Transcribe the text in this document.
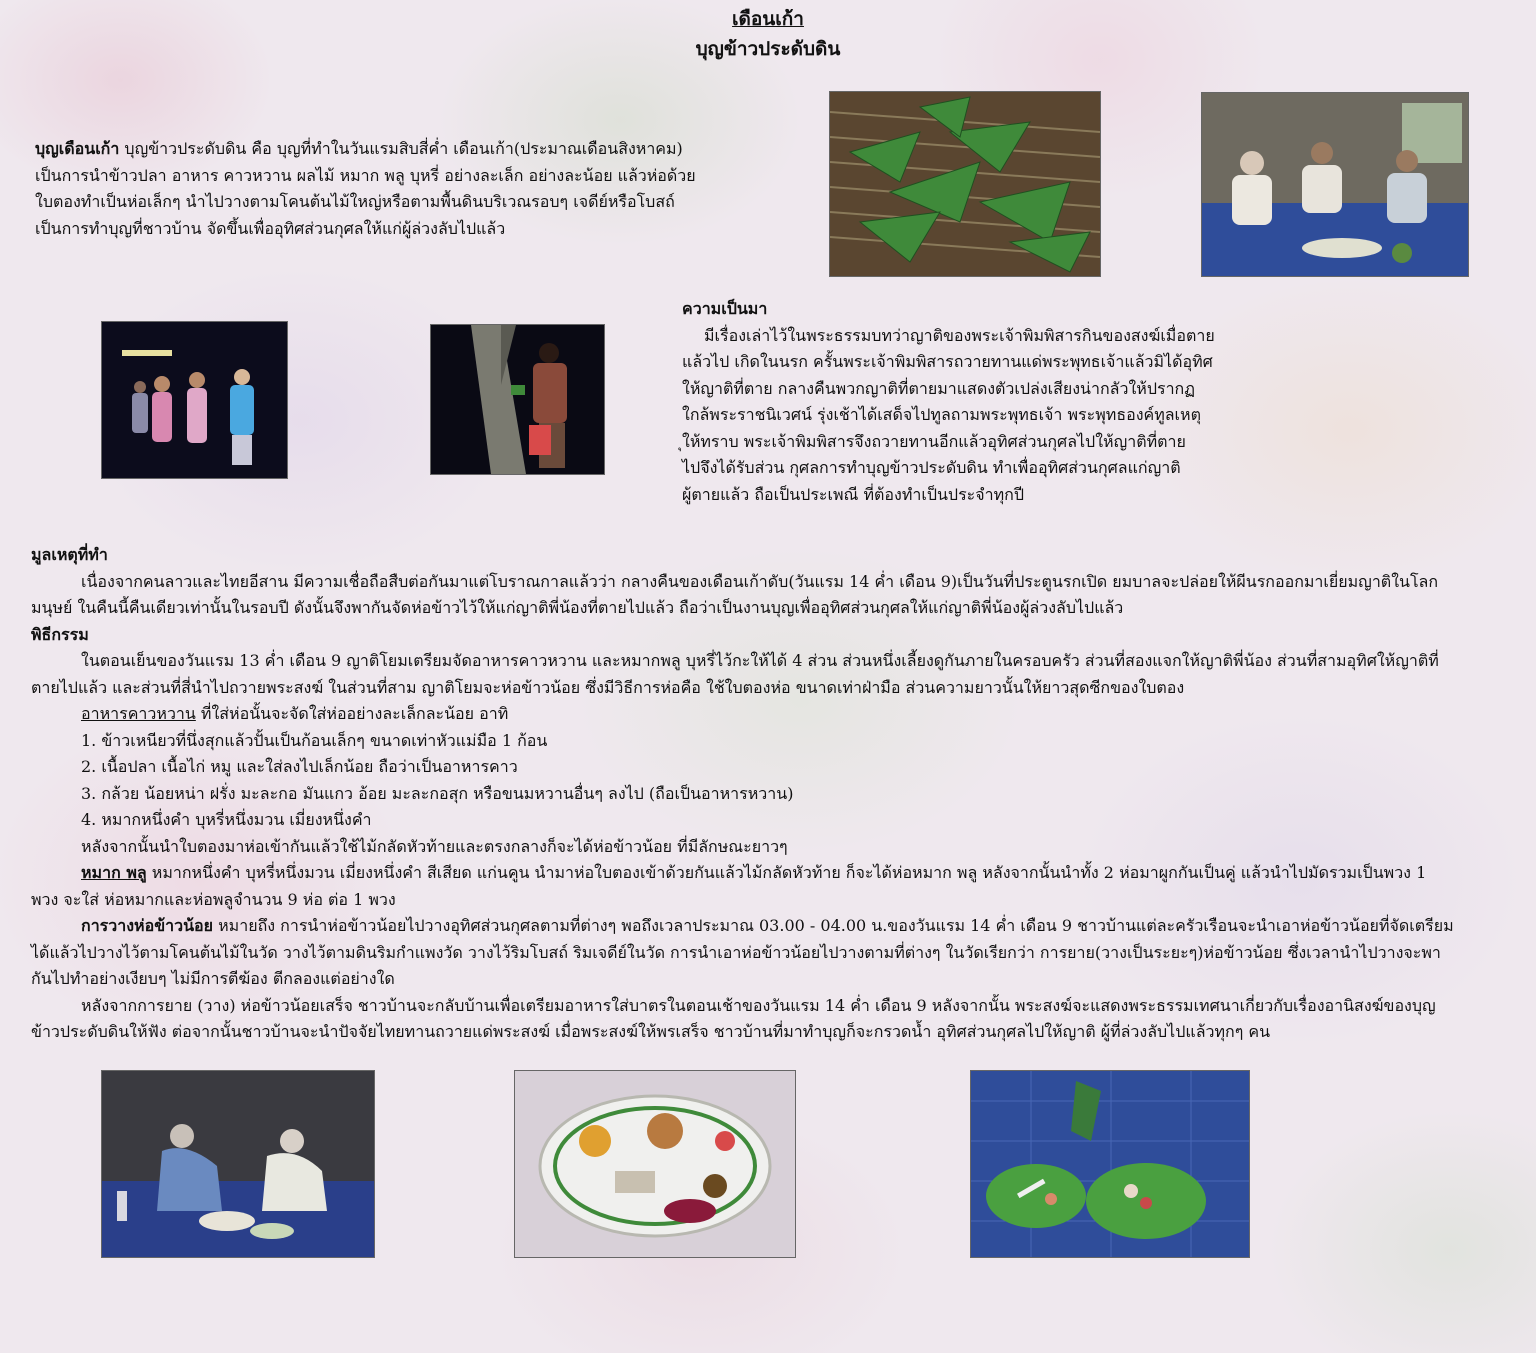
เดือนเก้า
บุญข้าวประดับดิน
บุญเดือนเก้า บุญข้าวประดับดิน คือ บุญที่ทำในวันแรมสิบสี่ค่ำ เดือนเก้า(ประมาณเดือนสิงหาคม)
เป็นการนำข้าวปลา อาหาร คาวหวาน ผลไม้ หมาก พลู บุหรี่ อย่างละเล็ก อย่างละน้อย แล้วห่อด้วย
ใบตองทำเป็นห่อเล็กๆ นำไปวางตามโคนต้นไม้ใหญ่หรือตามพื้นดินบริเวณรอบๆ เจดีย์หรือโบสถ์
เป็นการทำบุญที่ชาวบ้าน จัดขึ้นเพื่ออุทิศส่วนกุศลให้แก่ผู้ล่วงลับไปแล้ว
ความเป็นมา
มีเรื่องเล่าไว้ในพระธรรมบทว่าญาติของพระเจ้าพิมพิสารกินของสงฆ์เมื่อตาย
แล้วไป เกิดในนรก ครั้นพระเจ้าพิมพิสารถวายทานแด่พระพุทธเจ้าแล้วมิได้อุทิศ
ให้ญาติที่ตาย กลางคืนพวกญาติที่ตายมาแสดงตัวเปล่งเสียงน่ากลัวให้ปรากฏ
ใกล้พระราชนิเวศน์ รุ่งเช้าได้เสด็จไปทูลถามพระพุทธเจ้า พระพุทธองค์ทูลเหตุ
ุให้ทราบ พระเจ้าพิมพิสารจึงถวายทานอีกแล้วอุทิศส่วนกุศลไปให้ญาติที่ตาย
ไปจึงได้รับส่วน กุศลการทำบุญข้าวประดับดิน ทำเพื่ออุทิศส่วนกุศลแก่ญาติ
ผู้ตายแล้ว ถือเป็นประเพณี ที่ต้องทำเป็นประจำทุกปี
มูลเหตุที่ทำ
เนื่องจากคนลาวและไทยอีสาน มีความเชื่อถือสืบต่อกันมาแต่โบราณกาลแล้วว่า กลางคืนของเดือนเก้าดับ(วันแรม 14 ค่ำ เดือน 9)เป็นวันที่ประตูนรกเปิด ยมบาลจะปล่อยให้ผีนรกออกมาเยี่ยมญาติในโลก
มนุษย์ ในคืนนี้คืนเดียวเท่านั้นในรอบปี ดังนั้นจึงพากันจัดห่อข้าวไว้ให้แก่ญาติพี่น้องที่ตายไปแล้ว ถือว่าเป็นงานบุญเพื่ออุทิศส่วนกุศลให้แก่ญาติพี่น้องผู้ล่วงลับไปแล้ว
พิธีกรรม
ในตอนเย็นของวันแรม 13 ค่ำ เดือน 9 ญาติโยมเตรียมจัดอาหารคาวหวาน และหมากพลู บุหรี่ไว้กะให้ได้ 4 ส่วน ส่วนหนึ่งเลี้ยงดูกันภายในครอบครัว ส่วนที่สองแจกให้ญาติพี่น้อง ส่วนที่สามอุทิศให้ญาติที่
ตายไปแล้ว และส่วนที่สี่นำไปถวายพระสงฆ์ ในส่วนที่สาม ญาติโยมจะห่อข้าวน้อย ซึ่งมีวิธีการห่อคือ ใช้ใบตองห่อ ขนาดเท่าฝ่ามือ ส่วนความยาวนั้นให้ยาวสุดซีกของใบตอง
อาหารคาวหวาน ที่ใส่ห่อนั้นจะจัดใส่ห่ออย่างละเล็กละน้อย อาทิ
1. ข้าวเหนียวที่นึ่งสุกแล้วปั้นเป็นก้อนเล็กๆ ขนาดเท่าหัวแม่มือ 1 ก้อน
2. เนื้อปลา เนื้อไก่ หมู และใส่ลงไปเล็กน้อย ถือว่าเป็นอาหารคาว
3. กล้วย น้อยหน่า ฝรั่ง มะละกอ มันแกว อ้อย มะละกอสุก หรือขนมหวานอื่นๆ ลงไป (ถือเป็นอาหารหวาน)
4. หมากหนึ่งคำ บุหรี่หนึ่งมวน เมี่ยงหนึ่งคำ
หลังจากนั้นนำใบตองมาห่อเข้ากันแล้วใช้ไม้กลัดหัวท้ายและตรงกลางก็จะได้ห่อข้าวน้อย ที่มีลักษณะยาวๆ
หมาก พลู หมากหนึ่งคำ บุหรี่หนึ่งมวน เมี่ยงหนึ่งคำ สีเสียด แก่นคูน นำมาห่อใบตองเข้าด้วยกันแล้วไม้กลัดหัวท้าย ก็จะได้ห่อหมาก พลู หลังจากนั้นนำทั้ง 2 ห่อมาผูกกันเป็นคู่ แล้วนำไปมัดรวมเป็นพวง 1
พวง จะใส่ ห่อหมากและห่อพลูจำนวน 9 ห่อ ต่อ 1 พวง
การวางห่อข้าวน้อย หมายถึง การนำห่อข้าวน้อยไปวางอุทิศส่วนกุศลตามที่ต่างๆ พอถึงเวลาประมาณ 03.00 - 04.00 น.ของวันแรม 14 ค่ำ เดือน 9 ชาวบ้านแต่ละครัวเรือนจะนำเอาห่อข้าวน้อยที่จัดเตรียม
ได้แล้วไปวางไว้ตามโคนต้นไม้ในวัด วางไว้ตามดินริมกำแพงวัด วางไว้ริมโบสถ์ ริมเจดีย์ในวัด การนำเอาห่อข้าวน้อยไปวางตามที่ต่างๆ ในวัดเรียกว่า การยาย(วางเป็นระยะๆ)ห่อข้าวน้อย ซึ่งเวลานำไปวางจะพา
กันไปทำอย่างเงียบๆ ไม่มีการตีฆ้อง ตีกลองแต่อย่างใด
หลังจากการยาย (วาง) ห่อข้าวน้อยเสร็จ ชาวบ้านจะกลับบ้านเพื่อเตรียมอาหารใส่บาตรในตอนเช้าของวันแรม 14 ค่ำ เดือน 9 หลังจากนั้น พระสงฆ์จะแสดงพระธรรมเทศนาเกี่ยวกับเรื่องอานิสงฆ์ของบุญ
ข้าวประดับดินให้ฟัง ต่อจากนั้นชาวบ้านจะนำปัจจัยไทยทานถวายแด่พระสงฆ์ เมื่อพระสงฆ์ให้พรเสร็จ ชาวบ้านที่มาทำบุญก็จะกรวดน้ำ อุทิศส่วนกุศลไปให้ญาติ ผู้ที่ล่วงลับไปแล้วทุกๆ คน
